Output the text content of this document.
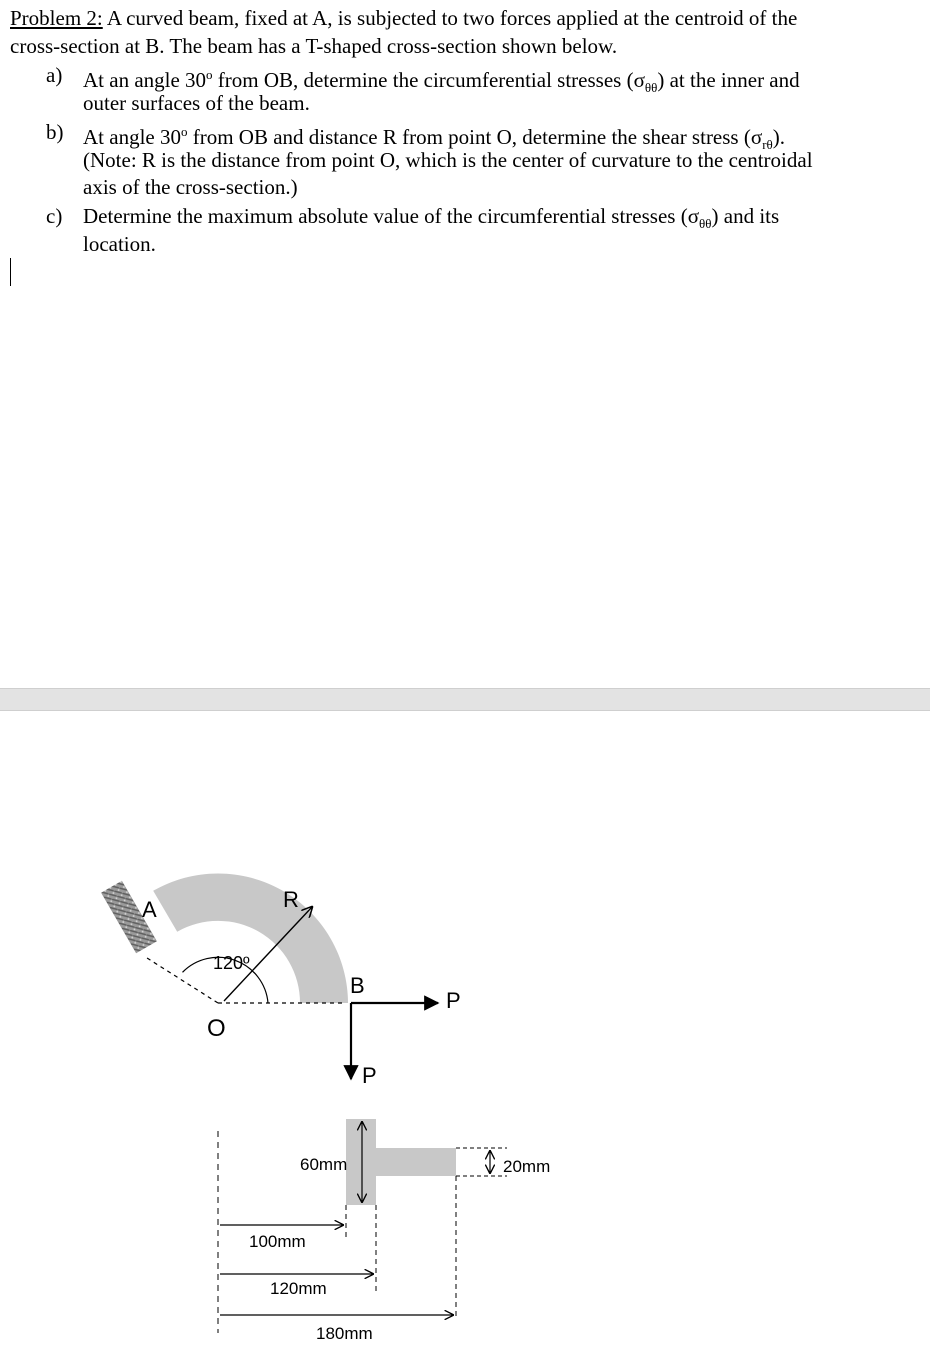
Problem 2: A curved beam, fixed at A, is subjected to two forces applied at the centroid of the
cross-section at B. The beam has a T-shaped cross-section shown below.
a) At an angle 30$^o$ from OB, determine the circumferential stresses $(\sigma_{\theta\theta})$ at the inner and
outer surfaces of the beam.
b) At angle 30$^o$ from OB and distance R from point O, determine the shear stress $(\sigma_{r\theta})$.
(Note: R is the distance from point O, which is the center of curvature to the centroidal
axis of the cross-section.)
c) Determine the maximum absolute value of the circumferential stresses $(\sigma_{\theta\theta})$ and its
location.
A	R
120º
B
O
P
P
60mm	20mm
100mm
120mm
180mm
